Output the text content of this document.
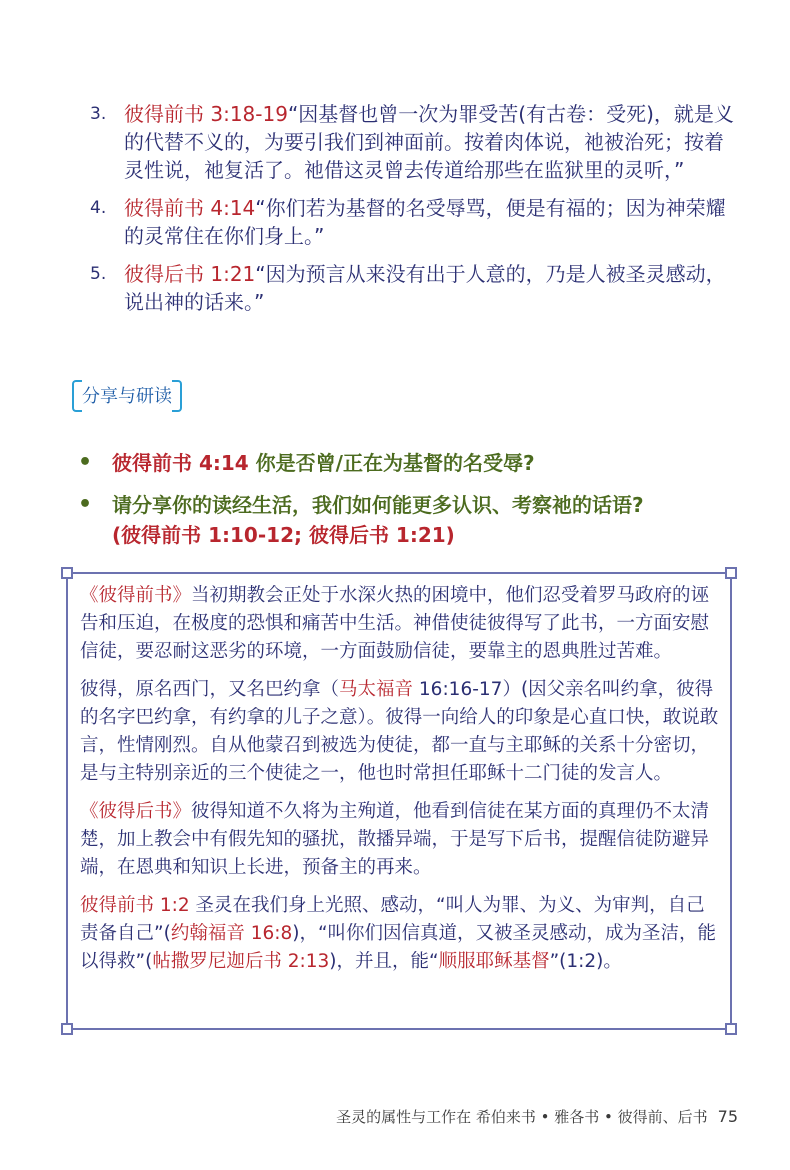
3. 彼得前书 3:18-19“因基督也曾一次为罪受苦(有古卷：受死)，就是义的代替不义的，为要引我们到神面前。按着肉体说，祂被治死；按着灵性说，祂复活了。祂借这灵曾去传道给那些在监狱里的灵听，”
4. 彼得前书 4:14“你们若为基督的名受辱骂，便是有福的；因为神荣耀的灵常住在你们身上。”
5. 彼得后书 1:21“因为预言从来没有出于人意的，乃是人被圣灵感动，说出神的话来。”
分享与研读
• 彼得前书 4:14 你是否曾/正在为基督的名受辱?
• 请分享你的读经生活，我们如何能更多认识、考察祂的话语?
(彼得前书 1:10-12; 彼得后书 1:21)

《彼得前书》当初期教会正处于水深火热的困境中，他们忍受着罗马政府的诬告和压迫，在极度的恐惧和痛苦中生活。神借使徒彼得写了此书，一方面安慰信徒，要忍耐这恶劣的环境，一方面鼓励信徒，要靠主的恩典胜过苦难。

彼得，原名西门，又名巴约拿（马太福音 16:16-17）(因父亲名叫约拿，彼得的名字巴约拿，有约拿的儿子之意）。彼得一向给人的印象是心直口快，敢说敢言，性情刚烈。自从他蒙召到被选为使徒，都一直与主耶稣的关系十分密切，是与主特别亲近的三个使徒之一，他也时常担任耶稣十二门徒的发言人。

《彼得后书》彼得知道不久将为主殉道，他看到信徒在某方面的真理仍不太清楚，加上教会中有假先知的骚扰，散播异端，于是写下后书，提醒信徒防避异端，在恩典和知识上长进，预备主的再来。

彼得前书 1:2 圣灵在我们身上光照、感动，“叫人为罪、为义、为审判，自己责备自己”(约翰福音 16:8)，“叫你们因信真道，又被圣灵感动，成为圣洁，能以得救”(帖撒罗尼迦后书 2:13)，并且，能“顺服耶稣基督”(1:2)。

圣灵的属性与工作在 希伯来书 • 雅各书 • 彼得前、后书 75
